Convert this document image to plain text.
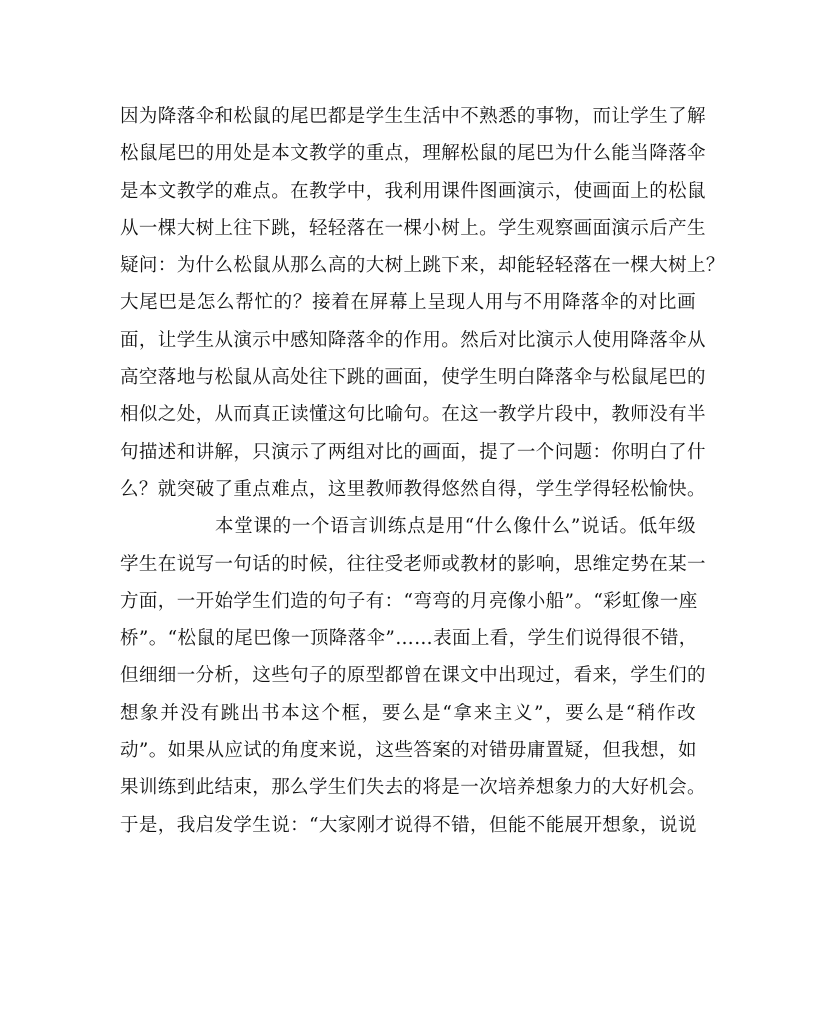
因为降落伞和松鼠的尾巴都是学生生活中不熟悉的事物，而让学生了解
松鼠尾巴的用处是本文教学的重点，理解松鼠的尾巴为什么能当降落伞
是本文教学的难点。在教学中，我利用课件图画演示，使画面上的松鼠
从一棵大树上往下跳，轻轻落在一棵小树上。学生观察画面演示后产生
疑问：为什么松鼠从那么高的大树上跳下来，却能轻轻落在一棵大树上？
大尾巴是怎么帮忙的？接着在屏幕上呈现人用与不用降落伞的对比画
面，让学生从演示中感知降落伞的作用。然后对比演示人使用降落伞从
高空落地与松鼠从高处往下跳的画面，使学生明白降落伞与松鼠尾巴的
相似之处，从而真正读懂这句比喻句。在这一教学片段中，教师没有半
句描述和讲解，只演示了两组对比的画面，提了一个问题：你明白了什
么？就突破了重点难点，这里教师教得悠然自得，学生学得轻松愉快。
本堂课的一个语言训练点是用“什么像什么”说话。低年级
学生在说写一句话的时候，往往受老师或教材的影响，思维定势在某一
方面，一开始学生们造的句子有：“弯弯的月亮像小船”。“彩虹像一座
桥”。“松鼠的尾巴像一顶降落伞”……表面上看，学生们说得很不错，
但细细一分析，这些句子的原型都曾在课文中出现过，看来，学生们的
想象并没有跳出书本这个框，要么是“拿来主义”，要么是“稍作改
动”。如果从应试的角度来说，这些答案的对错毋庸置疑，但我想，如
果训练到此结束，那么学生们失去的将是一次培养想象力的大好机会。
于是，我启发学生说：“大家刚才说得不错，但能不能展开想象，说说
